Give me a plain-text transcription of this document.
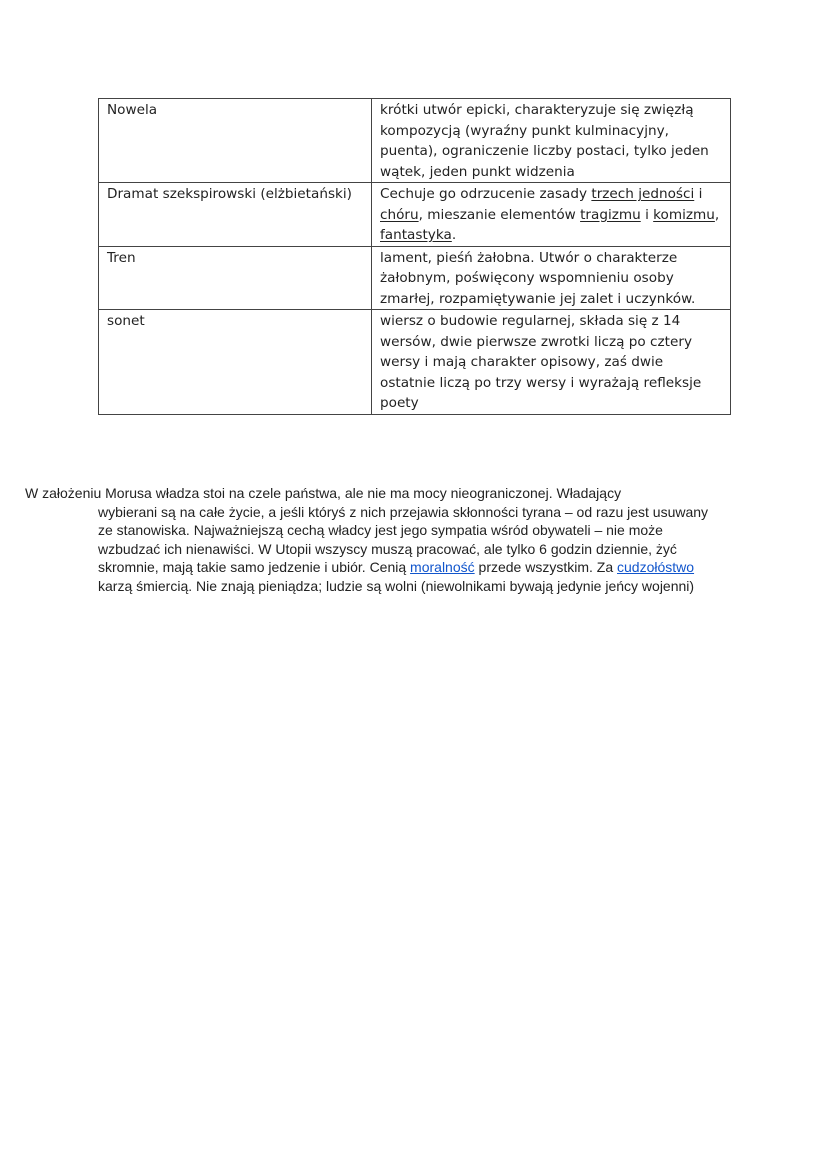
Nowela	krótki utwór epicki, charakteryzuje się zwięzłą kompozycją (wyraźny punkt kulminacyjny, puenta), ograniczenie liczby postaci, tylko jeden wątek, jeden punkt widzenia
Dramat szekspirowski (elżbietański)	Cechuje go odrzucenie zasady trzech jedności i chóru, mieszanie elementów tragizmu i komizmu, fantastyka.
Tren	lament, pieśń żałobna. Utwór o charakterze żałobnym, poświęcony wspomnieniu osoby zmarłej, rozpamiętywanie jej zalet i uczynków.
sonet	wiersz o budowie regularnej, składa się z 14 wersów, dwie pierwsze zwrotki liczą po cztery wersy i mają charakter opisowy, zaś dwie ostatnie liczą po trzy wersy i wyrażają refleksje poety
W założeniu Morusa władza stoi na czele państwa, ale nie ma mocy nieograniczonej. Władający
wybierani są na całe życie, a jeśli któryś z nich przejawia skłonności tyrana – od razu jest usuwany ze stanowiska. Najważniejszą cechą władcy jest jego sympatia wśród obywateli – nie może wzbudzać ich nienawiści. W Utopii wszyscy muszą pracować, ale tylko 6 godzin dziennie, żyć skromnie, mają takie samo jedzenie i ubiór. Cenią moralność przede wszystkim. Za cudzołóstwo karzą śmiercią. Nie znają pieniądza; ludzie są wolni (niewolnikami bywają jedynie jeńcy wojenni)
